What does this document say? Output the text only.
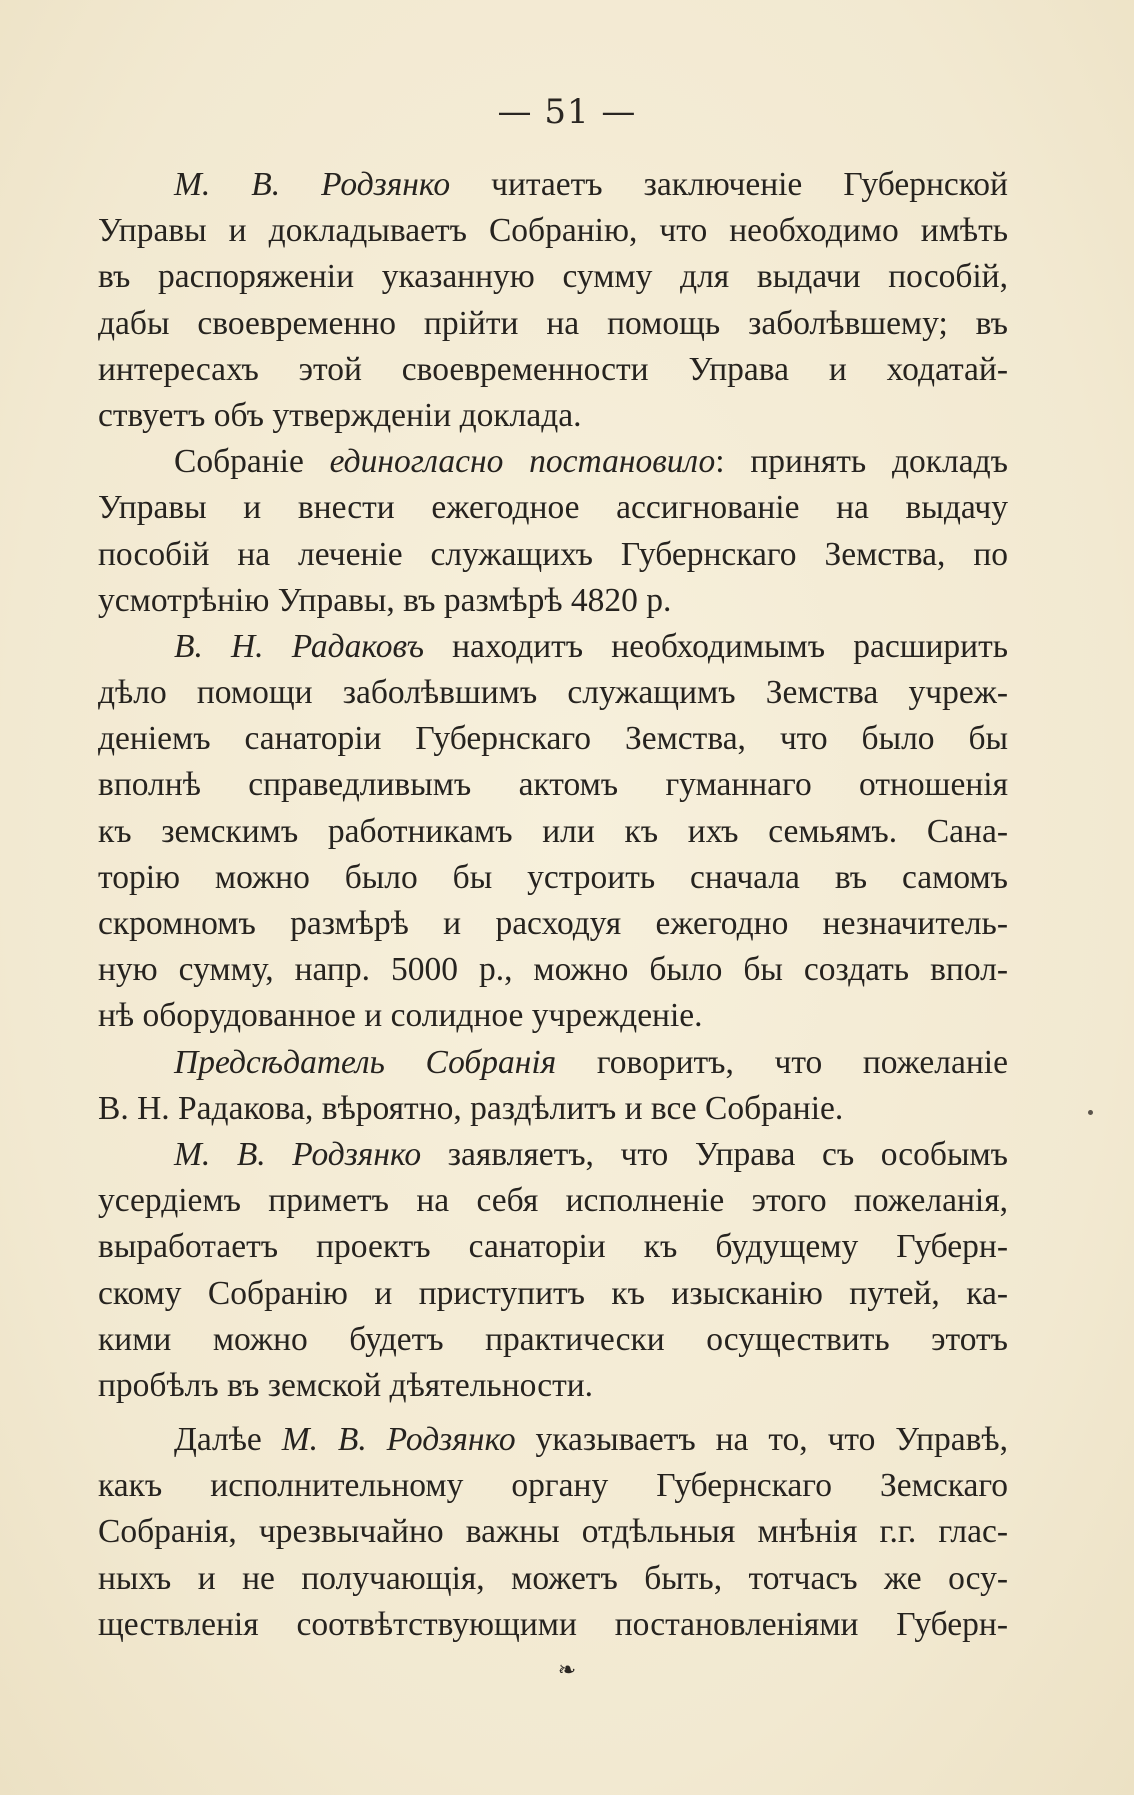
— 51 —
М. В. Родзянко читаетъ заключеніе Губернской
Управы и докладываетъ Собранію, что необходимо имѣть
въ распоряженіи указанную сумму для выдачи пособій,
дабы своевременно прійти на помощь заболѣвшему; въ
интересахъ этой своевременности Управа и ходатай-
ствуетъ объ утвержденіи доклада.
Собраніе единогласно постановило: принять докладъ
Управы и внести ежегодное ассигнованіе на выдачу
пособій на леченіе служащихъ Губернскаго Земства, по
усмотрѣнію Управы, въ размѣрѣ 4820 р.
В. Н. Радаковъ находитъ необходимымъ расширить
дѣло помощи заболѣвшимъ служащимъ Земства учреж-
деніемъ санаторіи Губернскаго Земства, что было бы
вполнѣ справедливымъ актомъ гуманнаго отношенія
къ земскимъ работникамъ или къ ихъ семьямъ. Сана-
торію можно было бы устроить сначала въ самомъ
скромномъ размѣрѣ и расходуя ежегодно незначитель-
ную сумму, напр. 5000 р., можно было бы создать впол-
нѣ оборудованное и солидное учрежденіе.
Предсѣдатель Собранія говоритъ, что пожеланіе
В. Н. Радакова, вѣроятно, раздѣлитъ и все Собраніе.
М. В. Родзянко заявляетъ, что Управа съ особымъ
усердіемъ приметъ на себя исполненіе этого пожеланія,
выработаетъ проектъ санаторіи къ будущему Губерн-
скому Собранію и приступитъ къ изысканію путей, ка-
кими можно будетъ практически осуществить этотъ
пробѣлъ въ земской дѣятельности.
Далѣе М. В. Родзянко указываетъ на то, что Управѣ,
какъ исполнительному органу Губернскаго Земскаго
Собранія, чрезвычайно важны отдѣльныя мнѣнія г.г. глас-
ныхъ и не получающія, можетъ быть, тотчасъ же осу-
ществленія соотвѣтствующими постановленіями Губерн-
❧
